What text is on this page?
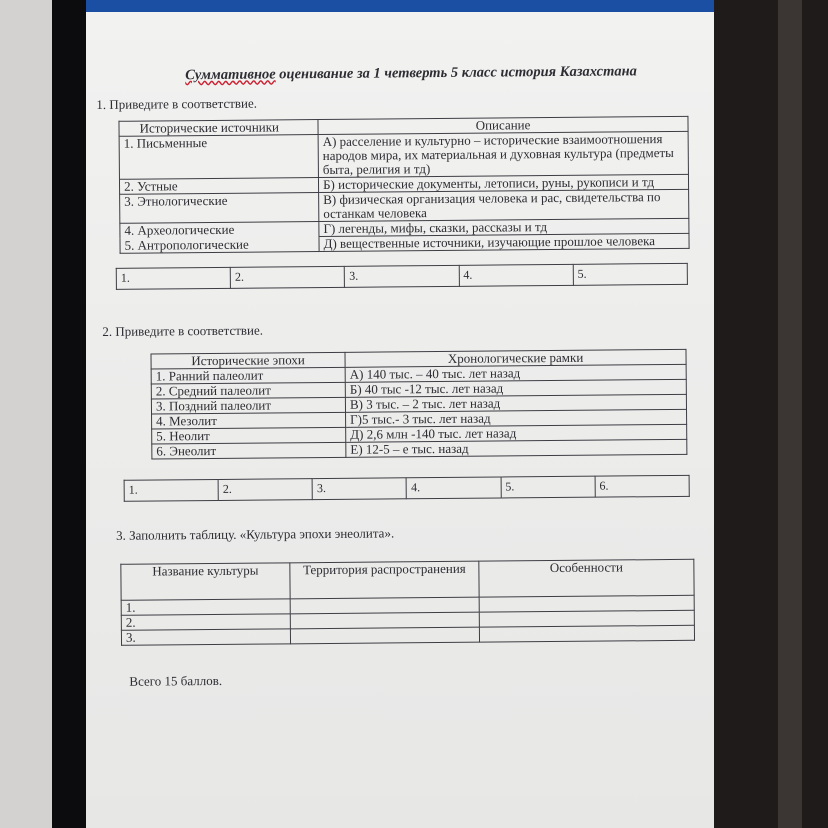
Суммативное оценивание за 1 четверть 5 класс история Казахстана

1. Приведите в соответствие.

Исторические источники	Описание
1. Письменные	А) расселение и культурно – исторические взаимоотношения народов мира, их материальная и духовная культура (предметы быта, религия и тд)
2. Устные	Б) исторические документы, летописи, руны, рукописи и тд
3. Этнологические	В) физическая организация человека и рас, свидетельства по останкам человека
4. Археологические	Г) легенды, мифы, сказки, рассказы и тд
5. Антропологические	Д) вещественные источники, изучающие прошлое человека
1.	2.	3.	4.	5.

2. Приведите в соответствие.

Исторические эпохи	Хронологические рамки
1. Ранний палеолит	А) 140 тыс. – 40 тыс. лет назад
2. Средний палеолит	Б) 40 тыс -12 тыс. лет назад
3. Поздний палеолит	В) 3 тыс. – 2 тыс. лет назад
4. Мезолит	Г)5 тыс.- 3 тыс. лет назад
5. Неолит	Д) 2,6 млн -140 тыс. лет назад
6. Энеолит	Е) 12-5 – е тыс. назад
1.	2.	3.	4.	5.	6.

3. Заполнить таблицу. «Культура эпохи энеолита».

Название культуры	Территория распространения	Особенности
1.		
2.		
3.		

Всего 15 баллов.
